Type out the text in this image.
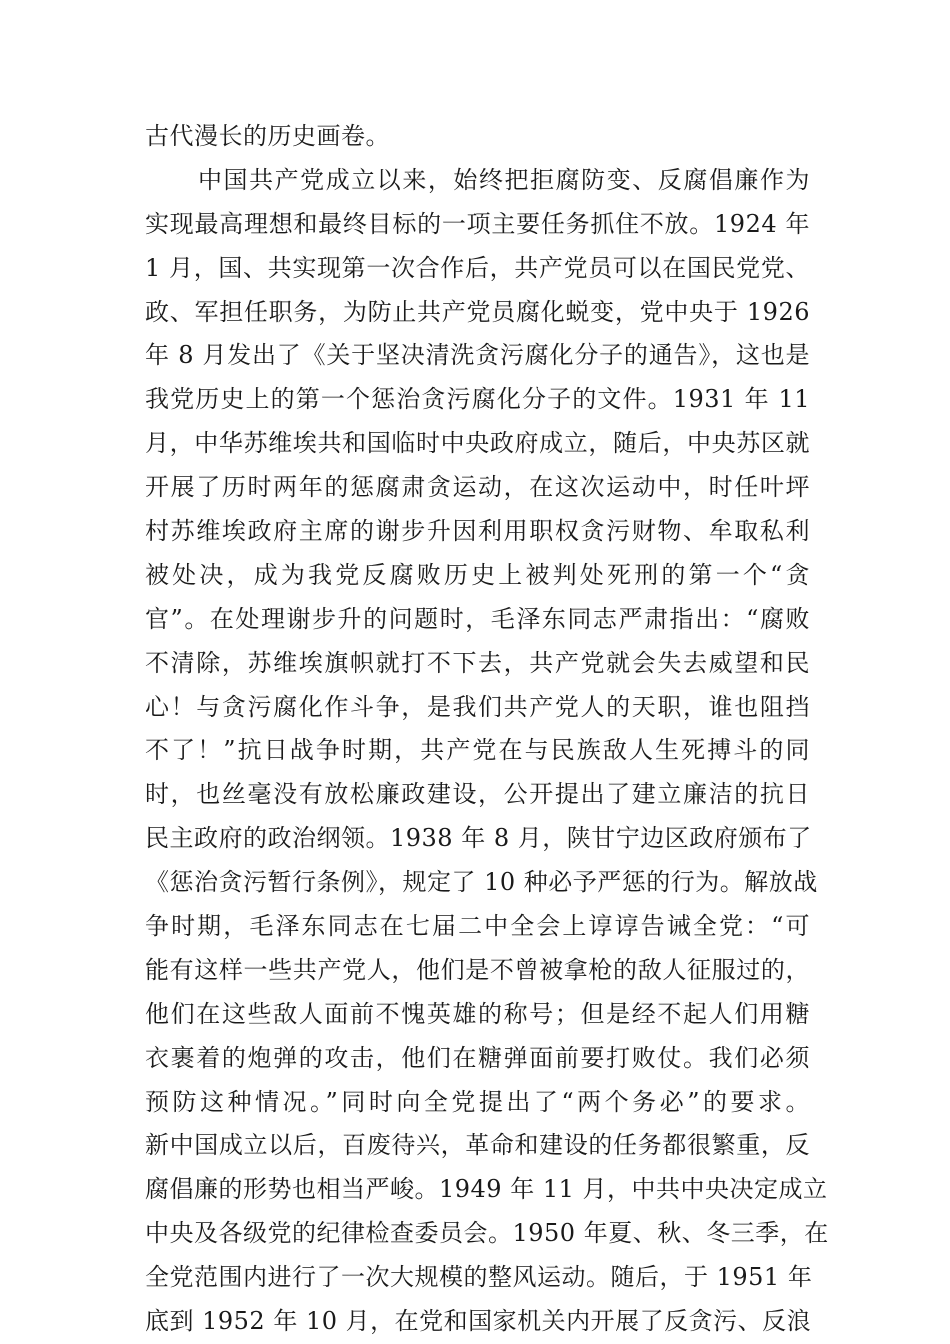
古代漫长的历史画卷。
中国共产党成立以来，始终把拒腐防变、反腐倡廉作为
实现最高理想和最终目标的一项主要任务抓住不放。1924 年
1 月，国、共实现第一次合作后，共产党员可以在国民党党、
政、军担任职务，为防止共产党员腐化蜕变，党中央于 1926
年 8 月发出了《关于坚决清洗贪污腐化分子的通告》，这也是
我党历史上的第一个惩治贪污腐化分子的文件。1931 年 11
月，中华苏维埃共和国临时中央政府成立，随后，中央苏区就
开展了历时两年的惩腐肃贪运动，在这次运动中，时任叶坪
村苏维埃政府主席的谢步升因利用职权贪污财物、牟取私利
被处决，成为我党反腐败历史上被判处死刑的第一个“贪
官”。在处理谢步升的问题时，毛泽东同志严肃指出：“腐败
不清除，苏维埃旗帜就打不下去，共产党就会失去威望和民
心！与贪污腐化作斗争，是我们共产党人的天职，谁也阻挡
不了！”抗日战争时期，共产党在与民族敌人生死搏斗的同
时，也丝毫没有放松廉政建设，公开提出了建立廉洁的抗日
民主政府的政治纲领。1938 年 8 月，陕甘宁边区政府颁布了
《惩治贪污暂行条例》，规定了 10 种必予严惩的行为。解放战
争时期，毛泽东同志在七届二中全会上谆谆告诫全党：“可
能有这样一些共产党人，他们是不曾被拿枪的敌人征服过的，
他们在这些敌人面前不愧英雄的称号；但是经不起人们用糖
衣裹着的炮弹的攻击，他们在糖弹面前要打败仗。我们必须
预防这种情况。”同时向全党提出了“两个务必”的要求。
新中国成立以后，百废待兴，革命和建设的任务都很繁重，反
腐倡廉的形势也相当严峻。1949 年 11 月，中共中央决定成立
中央及各级党的纪律检查委员会。1950 年夏、秋、冬三季，在
全党范围内进行了一次大规模的整风运动。随后，于 1951 年
底到 1952 年 10 月，在党和国家机关内开展了反贪污、反浪
